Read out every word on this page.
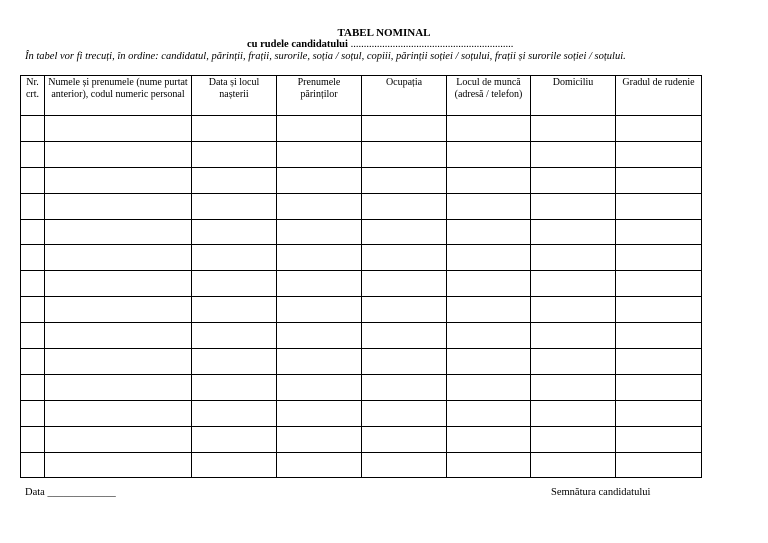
TABEL NOMINAL
cu rudele candidatului ..............................................................
În tabel vor fi trecuți, în ordine: candidatul, părinții, frații, surorile, soția / soțul, copiii, părinții soției / soțului, frații și surorile soției / soțului.
Nr. crt.	Numele și prenumele (nume purtat anterior), codul numeric personal	Data și locul nașterii	Prenumele părinților	Ocupația	Locul de muncă (adresă / telefon)	Domiciliu	Gradul de rudenie

Data _____________	Semnătura candidatului
